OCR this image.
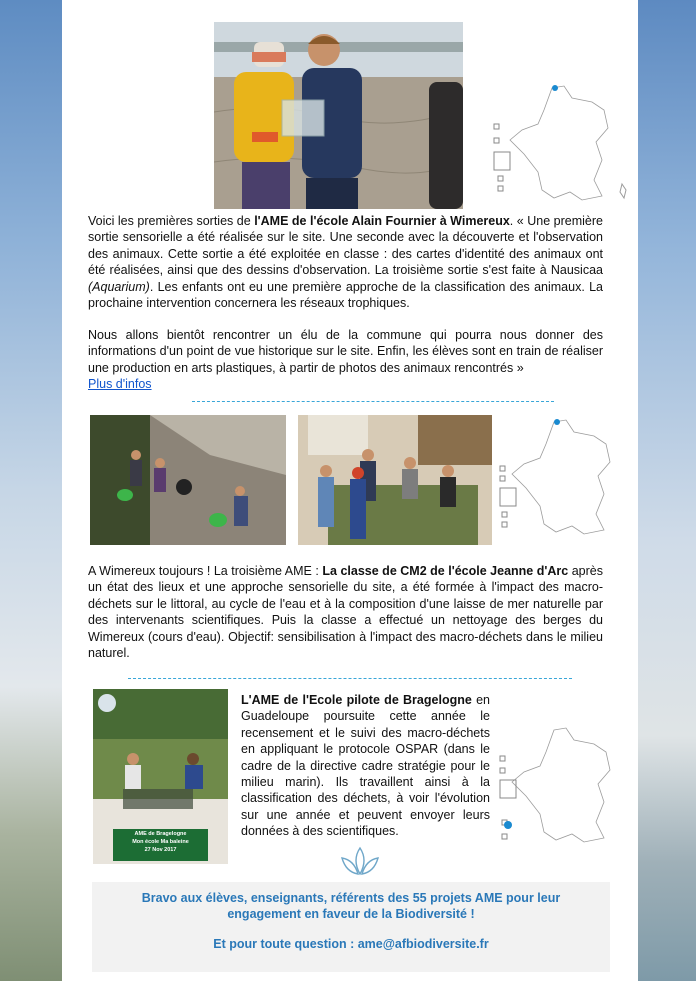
Voici les premières sorties de l'AME de l'école Alain Fournier à Wimereux. « Une première sortie sensorielle a été réalisée sur le site. Une seconde avec la découverte et l'observation des animaux. Cette sortie a été exploitée en classe : des cartes d'identité des animaux ont été réalisées, ainsi que des dessins d'observation. La troisième sortie s'est faite à Nausicaa (Aquarium). Les enfants ont eu une première approche de la classification des animaux. La prochaine intervention concernera les réseaux trophiques.
Nous allons bientôt rencontrer un élu de la commune qui pourra nous donner des informations d'un point de vue historique sur le site. Enfin, les élèves sont en train de réaliser une production en arts plastiques, à partir de photos des animaux rencontrés »
Plus d'infos
A Wimereux toujours ! La troisième AME : La classe de CM2 de l'école Jeanne d'Arc après un état des lieux et une approche sensorielle du site, a été formée à l'impact des macro-déchets sur le littoral, au cycle de l'eau et à la composition d'une laisse de mer naturelle par des intervenants scientifiques. Puis la classe a effectué un nettoyage des berges du Wimereux (cours d'eau). Objectif: sensibilisation à l'impact des macro-déchets dans le milieu naturel.
AME de Bragelogne
Mon école Ma baleine
27 Nov 2017
L'AME de l'Ecole pilote de Bragelogne en Guadeloupe poursuite cette année le recensement et le suivi des macro-déchets en appliquant le protocole OSPAR (dans le cadre de la directive cadre stratégie pour le milieu marin). Ils travaillent ainsi à la classification des déchets, à voir l'évolution sur une année et peuvent envoyer leurs données à des scientifiques.

Bravo aux élèves, enseignants, référents des 55 projets AME pour leur engagement en faveur de la Biodiversité !

Et pour toute question : ame@afbiodiversite.fr
